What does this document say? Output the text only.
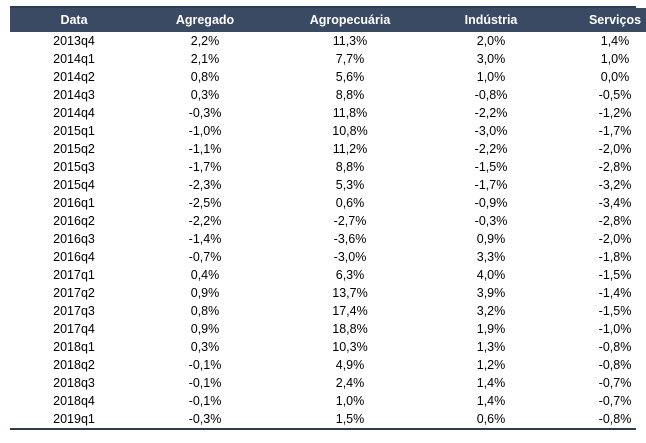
Data	Agregado	Agropecuária	Indústria	Serviços
2013q4	2,2%	11,3%	2,0%	1,4%
2014q1	2,1%	7,7%	3,0%	1,0%
2014q2	0,8%	5,6%	1,0%	0,0%
2014q3	0,3%	8,8%	-0,8%	-0,5%
2014q4	-0,3%	11,8%	-2,2%	-1,2%
2015q1	-1,0%	10,8%	-3,0%	-1,7%
2015q2	-1,1%	11,2%	-2,2%	-2,0%
2015q3	-1,7%	8,8%	-1,5%	-2,8%
2015q4	-2,3%	5,3%	-1,7%	-3,2%
2016q1	-2,5%	0,6%	-0,9%	-3,4%
2016q2	-2,2%	-2,7%	-0,3%	-2,8%
2016q3	-1,4%	-3,6%	0,9%	-2,0%
2016q4	-0,7%	-3,0%	3,3%	-1,8%
2017q1	0,4%	6,3%	4,0%	-1,5%
2017q2	0,9%	13,7%	3,9%	-1,4%
2017q3	0,8%	17,4%	3,2%	-1,5%
2017q4	0,9%	18,8%	1,9%	-1,0%
2018q1	0,3%	10,3%	1,3%	-0,8%
2018q2	-0,1%	4,9%	1,2%	-0,8%
2018q3	-0,1%	2,4%	1,4%	-0,7%
2018q4	-0,1%	1,0%	1,4%	-0,7%
2019q1	-0,3%	1,5%	0,6%	-0,8%
